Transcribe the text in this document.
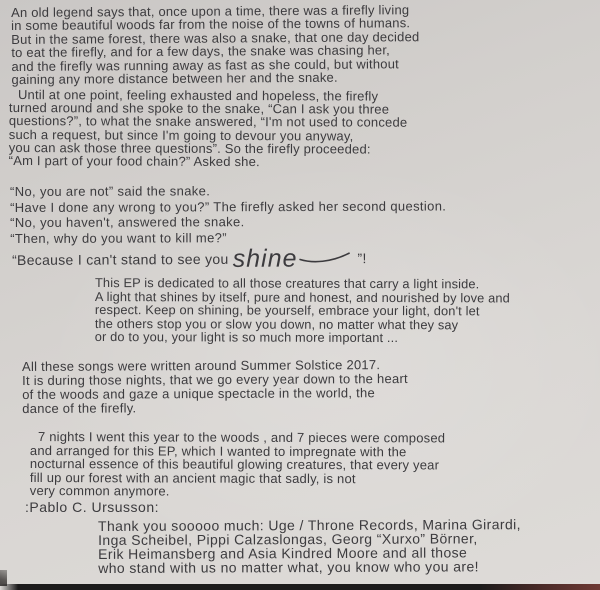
An old legend says that, once upon a time, there was a firefly living
in some beautiful woods far from the noise of the towns of humans.
But in the same forest, there was also a snake, that one day decided
to eat the firefly, and for a few days, the snake was chasing her,
and the firefly was running away as fast as she could, but without
gaining any more distance between her and the snake.
Until at one point, feeling exhausted and hopeless, the firefly
turned around and she spoke to the snake, “Can I ask you three
questions?”, to what the snake answered, “I'm not used to concede
such a request, but since I'm going to devour you anyway,
you can ask those three questions”. So the firefly proceeded:
“Am I part of your food chain?” Asked she.
“No, you are not” said the snake.
“Have I done any wrong to you?” The firefly asked her second question.
“No, you haven't, answered the snake.
“Then, why do you want to kill me?”
“Because I can't stand to see you shine	”!
This EP is dedicated to all those creatures that carry a light inside.
A light that shines by itself, pure and honest, and nourished by love and
respect. Keep on shining, be yourself, embrace your light, don't let
the others stop you or slow you down, no matter what they say
or do to you, your light is so much more important ...
All these songs were written around Summer Solstice 2017.
It is during those nights, that we go every year down to the heart
of the woods and gaze a unique spectacle in the world, the
dance of the firefly.
7 nights I went this year to the woods , and 7 pieces were composed
and arranged for this EP, which I wanted to impregnate with the
nocturnal essence of this beautiful glowing creatures, that every year
fill up our forest with an ancient magic that sadly, is not
very common anymore.
:Pablo C. Ursusson:
Thank you sooooo much: Uge / Throne Records, Marina Girardi,
Inga Scheibel, Pippi Calzaslongas, Georg “Xurxo” Börner,
Erik Heimansberg and Asia Kindred Moore and all those
who stand with us no matter what, you know who you are!
